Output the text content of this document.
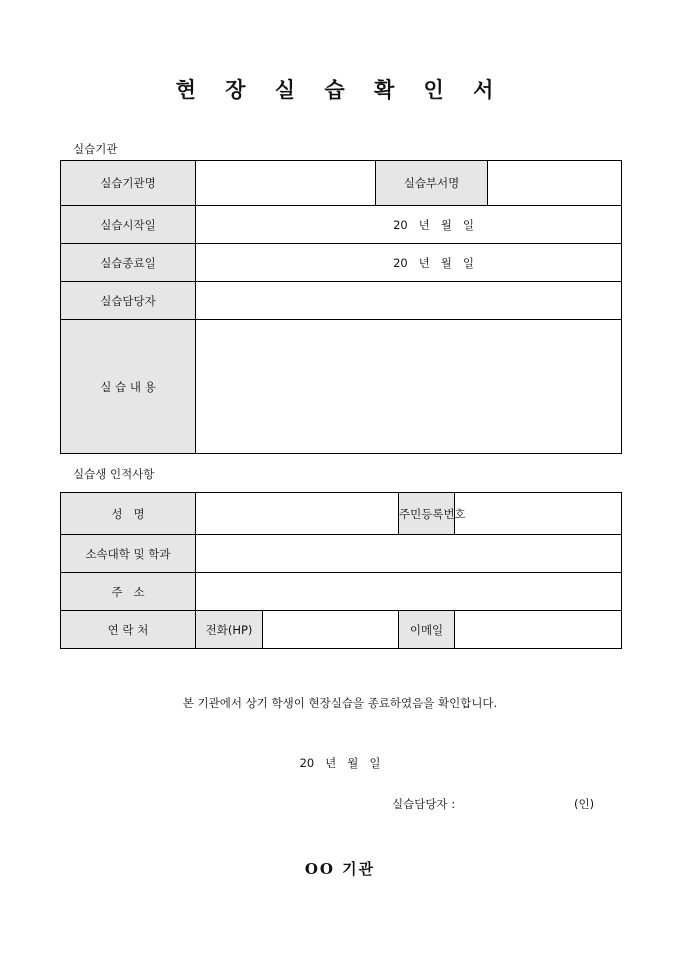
현 장 실 습 확 인 서
실습기관
실습기관명		실습부서명	
실습시작일	20   년   월   일		
실습종료일	20   년   월   일		
실습담당자			
실 습 내 용			
실습생 인적사항
성   명			주민등록번호	
소속대학 및 학과				
주   소				
연 락 처	전화(HP)		이메일	
본 기관에서 상기 학생이 현장실습을 종료하였음을 확인합니다.
20   년   월   일
실습담당자 :	(인)
OO 기관
